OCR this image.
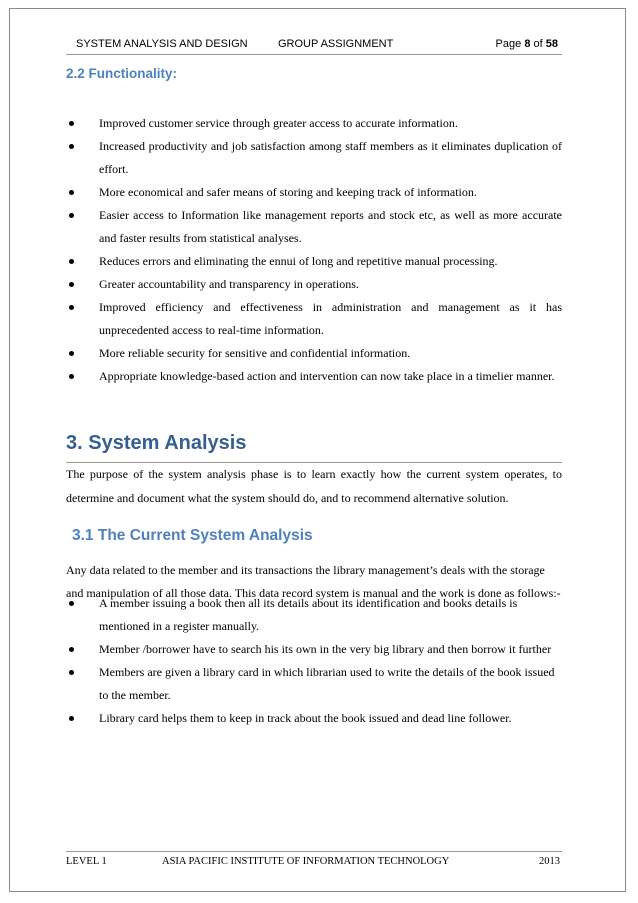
SYSTEM ANALYSIS AND DESIGN	GROUP ASSIGNMENT	Page 8 of 58
2.2 Functionality:
Improved customer service through greater access to accurate information.
Increased productivity and job satisfaction among staff members as it eliminates duplication of effort.
More economical and safer means of storing and keeping track of information.
Easier access to Information like management reports and stock etc, as well as more accurate and faster results from statistical analyses.
Reduces errors and eliminating the ennui of long and repetitive manual processing.
Greater accountability and transparency in operations.
Improved efficiency and effectiveness in administration and management as it has unprecedented access to real-time information.
More reliable security for sensitive and confidential information.
Appropriate knowledge-based action and intervention can now take place in a timelier manner.
3. System Analysis

The purpose of the system analysis phase is to learn exactly how the current system operates, to determine and document what the system should do, and to recommend alternative solution.

3.1 The Current System Analysis

Any data related to the member and its transactions the library management’s deals with the storage and manipulation of all those data. This data record system is manual and the work is done as follows:-

A member issuing a book then all its details about its identification and books details is mentioned in a register manually.
Member /borrower have to search his its own in the very big library and then borrow it further
Members are given a library card in which librarian used to write the details of the book issued to the member.
Library card helps them to keep in track about the book issued and dead line follower.
LEVEL 1	ASIA PACIFIC INSTITUTE OF INFORMATION TECHNOLOGY	2013
